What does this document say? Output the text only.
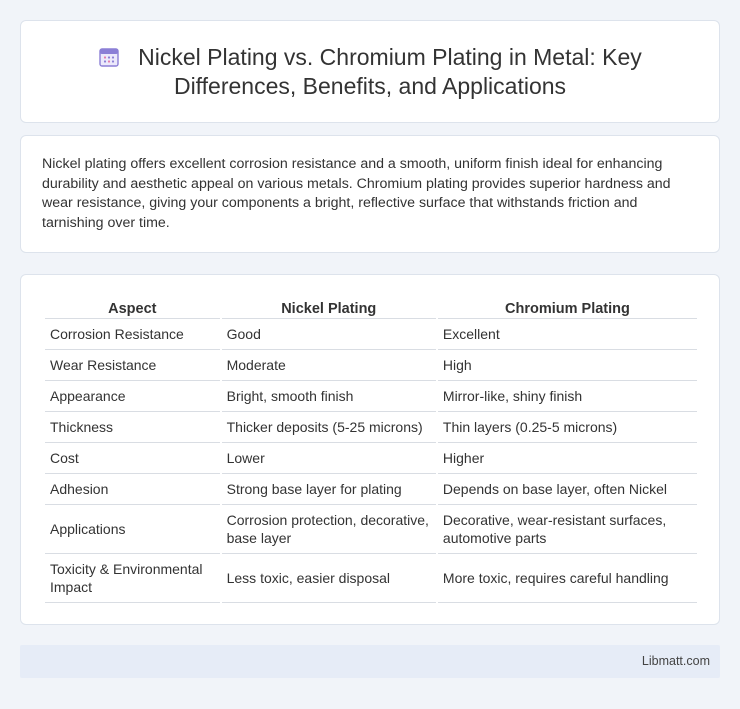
Nickel Plating vs. Chromium Plating in Metal: Key Differences, Benefits, and Applications

Nickel plating offers excellent corrosion resistance and a smooth, uniform finish ideal for enhancing durability and aesthetic appeal on various metals. Chromium plating provides superior hardness and wear resistance, giving your components a bright, reflective surface that withstands friction and tarnishing over time.

Aspect	Nickel Plating	Chromium Plating
Corrosion Resistance	Good	Excellent
Wear Resistance	Moderate	High
Appearance	Bright, smooth finish	Mirror-like, shiny finish
Thickness	Thicker deposits (5-25 microns)	Thin layers (0.25-5 microns)
Cost	Lower	Higher
Adhesion	Strong base layer for plating	Depends on base layer, often Nickel
Applications	Corrosion protection, decorative, base layer	Decorative, wear-resistant surfaces, automotive parts
Toxicity & Environmental Impact	Less toxic, easier disposal	More toxic, requires careful handling
Libmatt.com
